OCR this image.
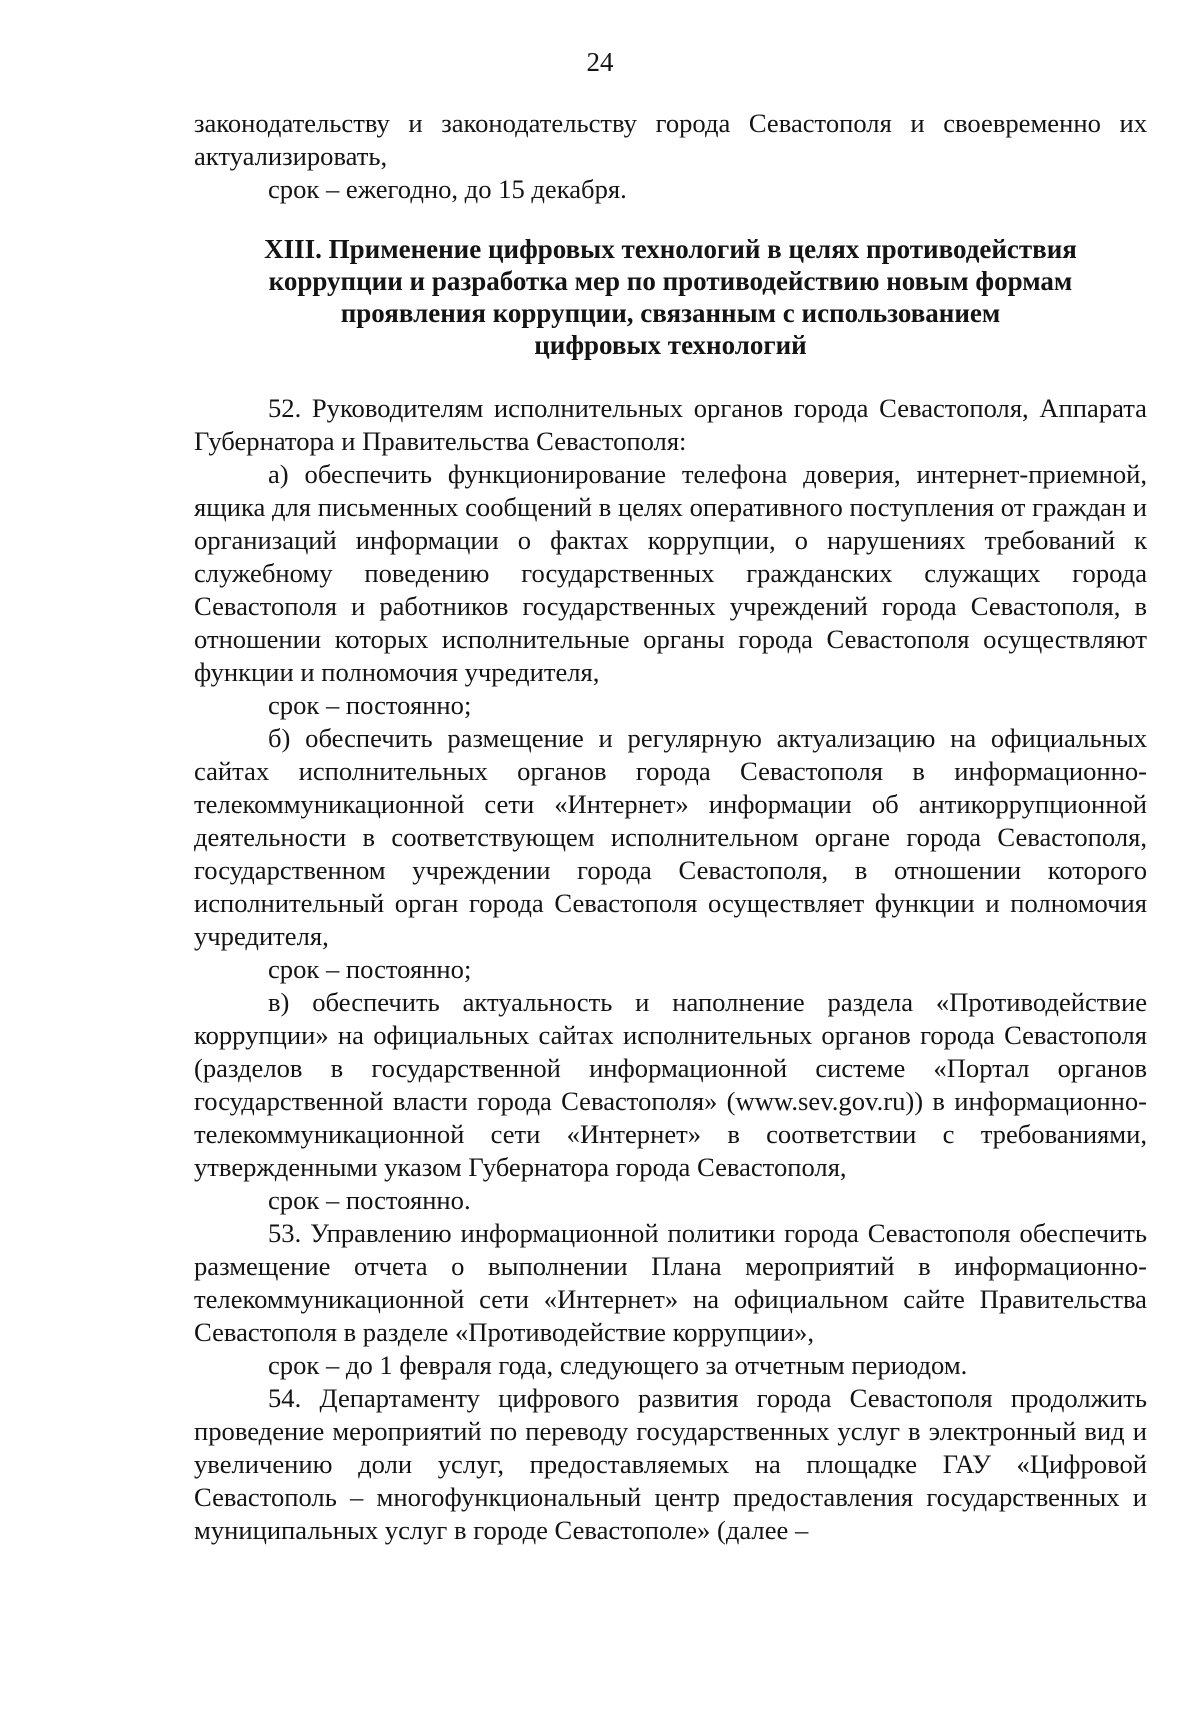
24

законодательству и законодательству города Севастополя и своевременно их актуализировать,

срок – ежегодно, до 15 декабря.

XIII. Применение цифровых технологий в целях противодействия
коррупции и разработка мер по противодействию новым формам
проявления коррупции, связанным с использованием
цифровых технологий

52. Руководителям исполнительных органов города Севастополя, Аппарата Губернатора и Правительства Севастополя:

а) обеспечить функционирование телефона доверия, интернет-приемной, ящика для письменных сообщений в целях оперативного поступления от граждан и организаций информации о фактах коррупции, о нарушениях требований к служебному поведению государственных гражданских служащих города Севастополя и работников государственных учреждений города Севастополя, в отношении которых исполнительные органы города Севастополя осуществляют функции и полномочия учредителя,

срок – постоянно;

б) обеспечить размещение и регулярную актуализацию на официальных сайтах исполнительных органов города Севастополя в информационно-телекоммуникационной сети «Интернет» информации об антикоррупционной деятельности в соответствующем исполнительном органе города Севастополя, государственном учреждении города Севастополя, в отношении которого исполнительный орган города Севастополя осуществляет функции и полномочия учредителя,

срок – постоянно;

в) обеспечить актуальность и наполнение раздела «Противодействие коррупции» на официальных сайтах исполнительных органов города Севастополя (разделов в государственной информационной системе «Портал органов государственной власти города Севастополя» (www.sev.gov.ru)) в информационно-телекоммуникационной сети «Интернет» в соответствии с требованиями, утвержденными указом Губернатора города Севастополя,

срок – постоянно.

53. Управлению информационной политики города Севастополя обеспечить размещение отчета о выполнении Плана мероприятий в информационно-телекоммуникационной сети «Интернет» на официальном сайте Правительства Севастополя в разделе «Противодействие коррупции»,

срок – до 1 февраля года, следующего за отчетным периодом.

54. Департаменту цифрового развития города Севастополя продолжить проведение мероприятий по переводу государственных услуг в электронный вид и увеличению доли услуг, предоставляемых на площадке ГАУ «Цифровой Севастополь – многофункциональный центр предоставления государственных и муниципальных услуг в городе Севастополе» (далее –
